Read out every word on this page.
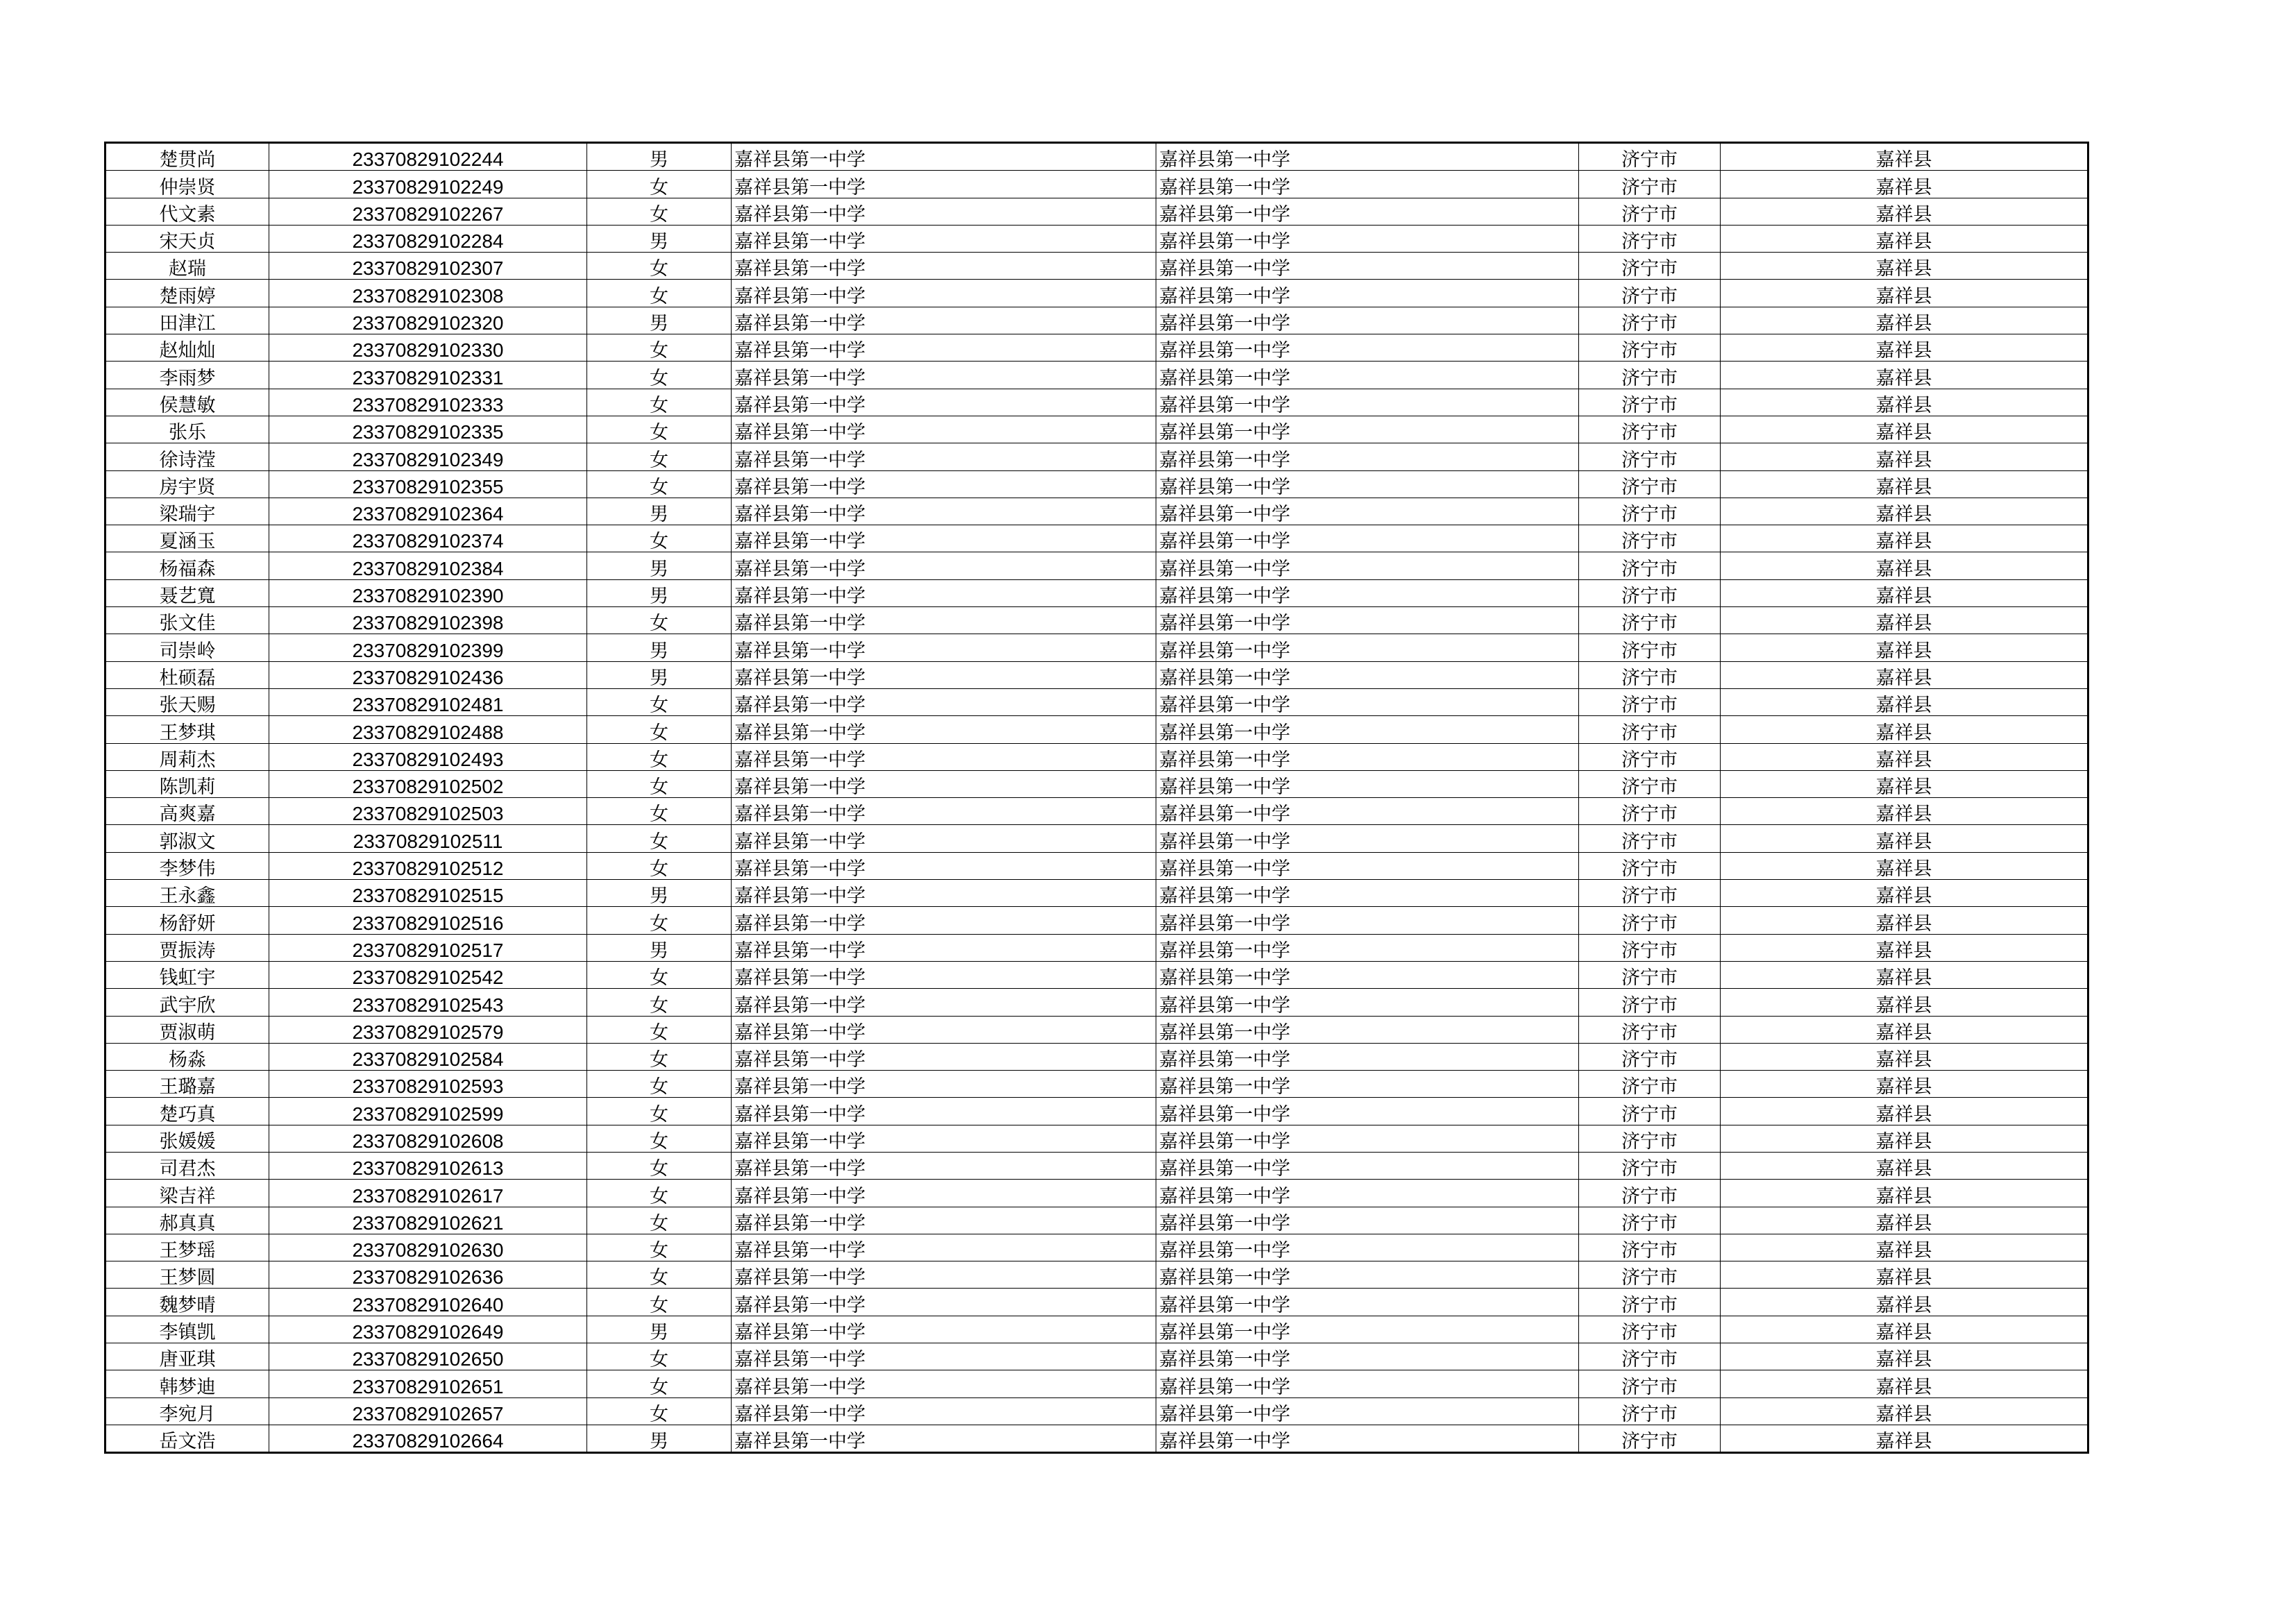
楚贯尚	23370829102244	男	嘉祥县第一中学	嘉祥县第一中学	济宁市	嘉祥县
仲崇贤	23370829102249	女	嘉祥县第一中学	嘉祥县第一中学	济宁市	嘉祥县
代文素	23370829102267	女	嘉祥县第一中学	嘉祥县第一中学	济宁市	嘉祥县
宋天贞	23370829102284	男	嘉祥县第一中学	嘉祥县第一中学	济宁市	嘉祥县
赵瑞	23370829102307	女	嘉祥县第一中学	嘉祥县第一中学	济宁市	嘉祥县
楚雨婷	23370829102308	女	嘉祥县第一中学	嘉祥县第一中学	济宁市	嘉祥县
田津江	23370829102320	男	嘉祥县第一中学	嘉祥县第一中学	济宁市	嘉祥县
赵灿灿	23370829102330	女	嘉祥县第一中学	嘉祥县第一中学	济宁市	嘉祥县
李雨梦	23370829102331	女	嘉祥县第一中学	嘉祥县第一中学	济宁市	嘉祥县
侯慧敏	23370829102333	女	嘉祥县第一中学	嘉祥县第一中学	济宁市	嘉祥县
张乐	23370829102335	女	嘉祥县第一中学	嘉祥县第一中学	济宁市	嘉祥县
徐诗滢	23370829102349	女	嘉祥县第一中学	嘉祥县第一中学	济宁市	嘉祥县
房宇贤	23370829102355	女	嘉祥县第一中学	嘉祥县第一中学	济宁市	嘉祥县
梁瑞宇	23370829102364	男	嘉祥县第一中学	嘉祥县第一中学	济宁市	嘉祥县
夏涵玉	23370829102374	女	嘉祥县第一中学	嘉祥县第一中学	济宁市	嘉祥县
杨福森	23370829102384	男	嘉祥县第一中学	嘉祥县第一中学	济宁市	嘉祥县
聂艺寬	23370829102390	男	嘉祥县第一中学	嘉祥县第一中学	济宁市	嘉祥县
张文佳	23370829102398	女	嘉祥县第一中学	嘉祥县第一中学	济宁市	嘉祥县
司崇岭	23370829102399	男	嘉祥县第一中学	嘉祥县第一中学	济宁市	嘉祥县
杜硕磊	23370829102436	男	嘉祥县第一中学	嘉祥县第一中学	济宁市	嘉祥县
张天赐	23370829102481	女	嘉祥县第一中学	嘉祥县第一中学	济宁市	嘉祥县
王梦琪	23370829102488	女	嘉祥县第一中学	嘉祥县第一中学	济宁市	嘉祥县
周莉杰	23370829102493	女	嘉祥县第一中学	嘉祥县第一中学	济宁市	嘉祥县
陈凯莉	23370829102502	女	嘉祥县第一中学	嘉祥县第一中学	济宁市	嘉祥县
高爽嘉	23370829102503	女	嘉祥县第一中学	嘉祥县第一中学	济宁市	嘉祥县
郭淑文	23370829102511	女	嘉祥县第一中学	嘉祥县第一中学	济宁市	嘉祥县
李梦伟	23370829102512	女	嘉祥县第一中学	嘉祥县第一中学	济宁市	嘉祥县
王永鑫	23370829102515	男	嘉祥县第一中学	嘉祥县第一中学	济宁市	嘉祥县
杨舒妍	23370829102516	女	嘉祥县第一中学	嘉祥县第一中学	济宁市	嘉祥县
贾振涛	23370829102517	男	嘉祥县第一中学	嘉祥县第一中学	济宁市	嘉祥县
钱虹宇	23370829102542	女	嘉祥县第一中学	嘉祥县第一中学	济宁市	嘉祥县
武宇欣	23370829102543	女	嘉祥县第一中学	嘉祥县第一中学	济宁市	嘉祥县
贾淑萌	23370829102579	女	嘉祥县第一中学	嘉祥县第一中学	济宁市	嘉祥县
杨淼	23370829102584	女	嘉祥县第一中学	嘉祥县第一中学	济宁市	嘉祥县
王璐嘉	23370829102593	女	嘉祥县第一中学	嘉祥县第一中学	济宁市	嘉祥县
楚巧真	23370829102599	女	嘉祥县第一中学	嘉祥县第一中学	济宁市	嘉祥县
张媛媛	23370829102608	女	嘉祥县第一中学	嘉祥县第一中学	济宁市	嘉祥县
司君杰	23370829102613	女	嘉祥县第一中学	嘉祥县第一中学	济宁市	嘉祥县
梁吉祥	23370829102617	女	嘉祥县第一中学	嘉祥县第一中学	济宁市	嘉祥县
郝真真	23370829102621	女	嘉祥县第一中学	嘉祥县第一中学	济宁市	嘉祥县
王梦瑶	23370829102630	女	嘉祥县第一中学	嘉祥县第一中学	济宁市	嘉祥县
王梦圆	23370829102636	女	嘉祥县第一中学	嘉祥县第一中学	济宁市	嘉祥县
魏梦晴	23370829102640	女	嘉祥县第一中学	嘉祥县第一中学	济宁市	嘉祥县
李镇凯	23370829102649	男	嘉祥县第一中学	嘉祥县第一中学	济宁市	嘉祥县
唐亚琪	23370829102650	女	嘉祥县第一中学	嘉祥县第一中学	济宁市	嘉祥县
韩梦迪	23370829102651	女	嘉祥县第一中学	嘉祥县第一中学	济宁市	嘉祥县
李宛月	23370829102657	女	嘉祥县第一中学	嘉祥县第一中学	济宁市	嘉祥县
岳文浩	23370829102664	男	嘉祥县第一中学	嘉祥县第一中学	济宁市	嘉祥县
